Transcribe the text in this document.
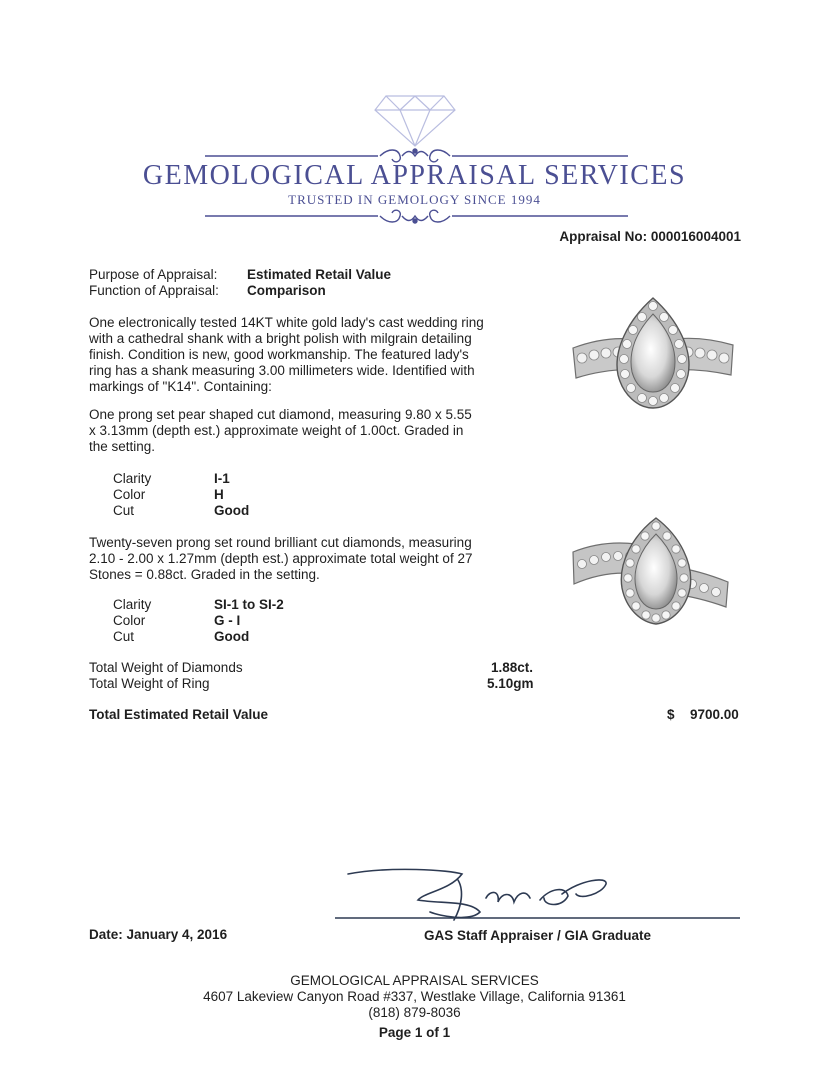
GEMOLOGICAL APPRAISAL SERVICES
TRUSTED IN GEMOLOGY SINCE 1994
Appraisal No: 000016004001
Purpose of Appraisal: Estimated Retail Value
Function of Appraisal: Comparison
One electronically tested 14KT white gold lady's cast wedding ring
with a cathedral shank with a bright polish with milgrain detailing
finish. Condition is new, good workmanship. The featured lady's
ring has a shank measuring 3.00 millimeters wide. Identified with
markings of "K14". Containing:
One prong set pear shaped cut diamond, measuring 9.80 x 5.55
x 3.13mm (depth est.) approximate weight of 1.00ct. Graded in
the setting.
Clarity	I-1
Color	H
Cut	Good
Twenty-seven prong set round brilliant cut diamonds, measuring
2.10 - 2.00 x 1.27mm (depth est.) approximate total weight of 27
Stones = 0.88ct. Graded in the setting.
Clarity	SI-1 to SI-2
Color	G - I
Cut	Good
Total Weight of Diamonds	1.88ct.
Total Weight of Ring	5.10gm
Total Estimated Retail Value	$ 9700.00
Date: January 4, 2016	GAS Staff Appraiser / GIA Graduate
GEMOLOGICAL APPRAISAL SERVICES
4607 Lakeview Canyon Road #337, Westlake Village, California 91361
(818) 879-8036
Page 1 of 1
